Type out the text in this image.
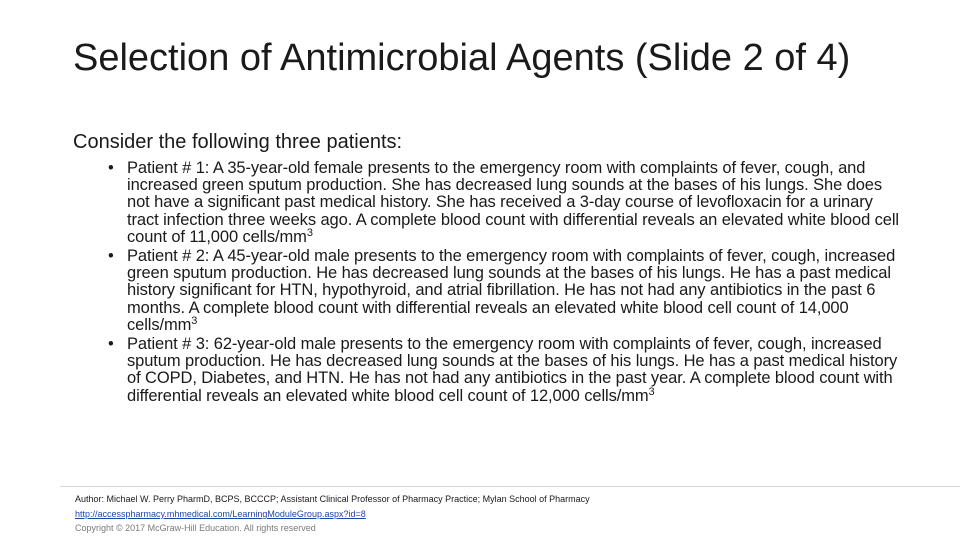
Selection of Antimicrobial Agents (Slide 2 of 4)

Consider the following three patients:

• Patient # 1: A 35-year-old female presents to the emergency room with complaints of fever, cough, and increased green sputum production. She has decreased lung sounds at the bases of his lungs. She does not have a significant past medical history. She has received a 3-day course of levofloxacin for a urinary tract infection three weeks ago. A complete blood count with differential reveals an elevated white blood cell count of 11,000 cells/$mm^3$
• Patient # 2: A 45-year-old male presents to the emergency room with complaints of fever, cough, increased green sputum production. He has decreased lung sounds at the bases of his lungs. He has a past medical history significant for HTN, hypothyroid, and atrial fibrillation. He has not had any antibiotics in the past 6 months. A complete blood count with differential reveals an elevated white blood cell count of 14,000 cells/$mm^3$
• Patient # 3: 62-year-old male presents to the emergency room with complaints of fever, cough, increased sputum production. He has decreased lung sounds at the bases of his lungs. He has a past medical history of COPD, Diabetes, and HTN. He has not had any antibiotics in the past year. A complete blood count with differential reveals an elevated white blood cell count of 12,000 cells/$mm^3$
Author: Michael W. Perry PharmD, BCPS, BCCCP; Assistant Clinical Professor of Pharmacy Practice; Mylan School of Pharmacy
http://accesspharmacy.mhmedical.com/LearningModuleGroup.aspx?id=8
Copyright © 2017 McGraw-Hill Education. All rights reserved
